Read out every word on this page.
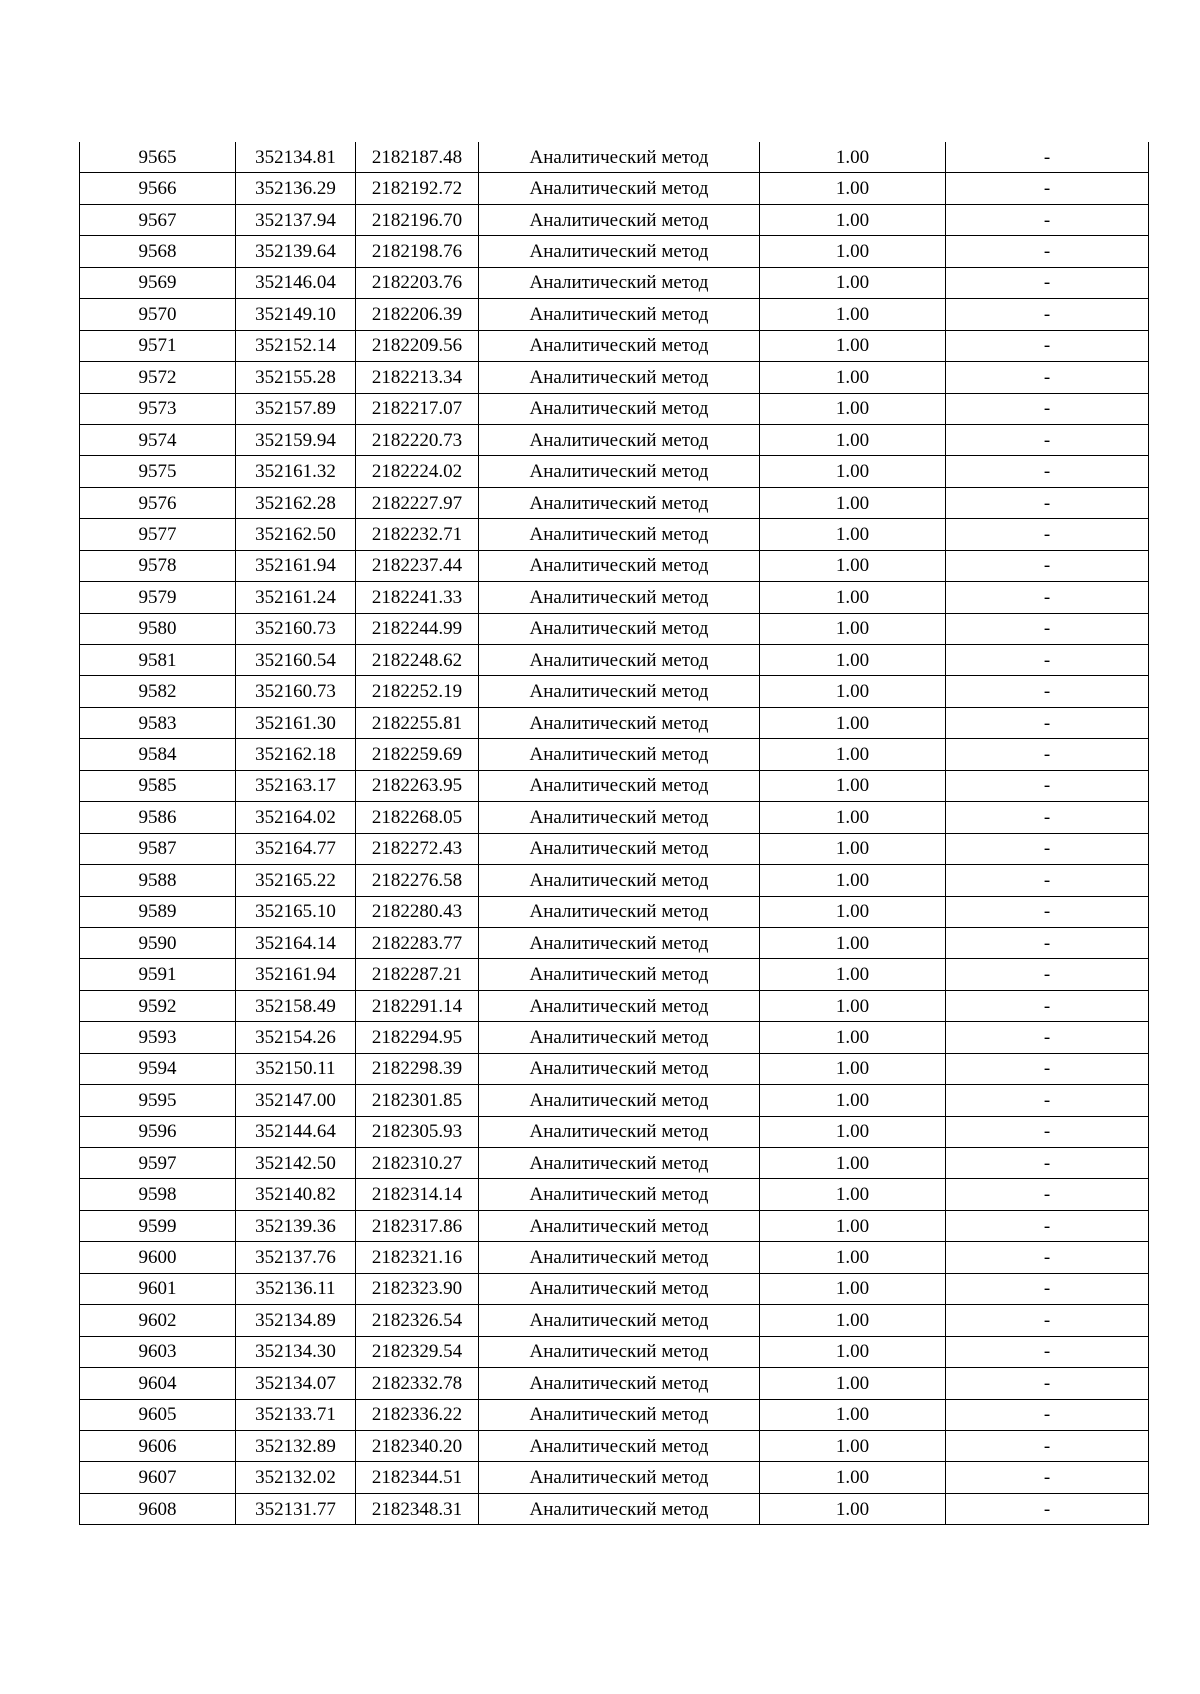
9565	352134.81	2182187.48	Аналитический метод	1.00	-
9566	352136.29	2182192.72	Аналитический метод	1.00	-
9567	352137.94	2182196.70	Аналитический метод	1.00	-
9568	352139.64	2182198.76	Аналитический метод	1.00	-
9569	352146.04	2182203.76	Аналитический метод	1.00	-
9570	352149.10	2182206.39	Аналитический метод	1.00	-
9571	352152.14	2182209.56	Аналитический метод	1.00	-
9572	352155.28	2182213.34	Аналитический метод	1.00	-
9573	352157.89	2182217.07	Аналитический метод	1.00	-
9574	352159.94	2182220.73	Аналитический метод	1.00	-
9575	352161.32	2182224.02	Аналитический метод	1.00	-
9576	352162.28	2182227.97	Аналитический метод	1.00	-
9577	352162.50	2182232.71	Аналитический метод	1.00	-
9578	352161.94	2182237.44	Аналитический метод	1.00	-
9579	352161.24	2182241.33	Аналитический метод	1.00	-
9580	352160.73	2182244.99	Аналитический метод	1.00	-
9581	352160.54	2182248.62	Аналитический метод	1.00	-
9582	352160.73	2182252.19	Аналитический метод	1.00	-
9583	352161.30	2182255.81	Аналитический метод	1.00	-
9584	352162.18	2182259.69	Аналитический метод	1.00	-
9585	352163.17	2182263.95	Аналитический метод	1.00	-
9586	352164.02	2182268.05	Аналитический метод	1.00	-
9587	352164.77	2182272.43	Аналитический метод	1.00	-
9588	352165.22	2182276.58	Аналитический метод	1.00	-
9589	352165.10	2182280.43	Аналитический метод	1.00	-
9590	352164.14	2182283.77	Аналитический метод	1.00	-
9591	352161.94	2182287.21	Аналитический метод	1.00	-
9592	352158.49	2182291.14	Аналитический метод	1.00	-
9593	352154.26	2182294.95	Аналитический метод	1.00	-
9594	352150.11	2182298.39	Аналитический метод	1.00	-
9595	352147.00	2182301.85	Аналитический метод	1.00	-
9596	352144.64	2182305.93	Аналитический метод	1.00	-
9597	352142.50	2182310.27	Аналитический метод	1.00	-
9598	352140.82	2182314.14	Аналитический метод	1.00	-
9599	352139.36	2182317.86	Аналитический метод	1.00	-
9600	352137.76	2182321.16	Аналитический метод	1.00	-
9601	352136.11	2182323.90	Аналитический метод	1.00	-
9602	352134.89	2182326.54	Аналитический метод	1.00	-
9603	352134.30	2182329.54	Аналитический метод	1.00	-
9604	352134.07	2182332.78	Аналитический метод	1.00	-
9605	352133.71	2182336.22	Аналитический метод	1.00	-
9606	352132.89	2182340.20	Аналитический метод	1.00	-
9607	352132.02	2182344.51	Аналитический метод	1.00	-
9608	352131.77	2182348.31	Аналитический метод	1.00	-
